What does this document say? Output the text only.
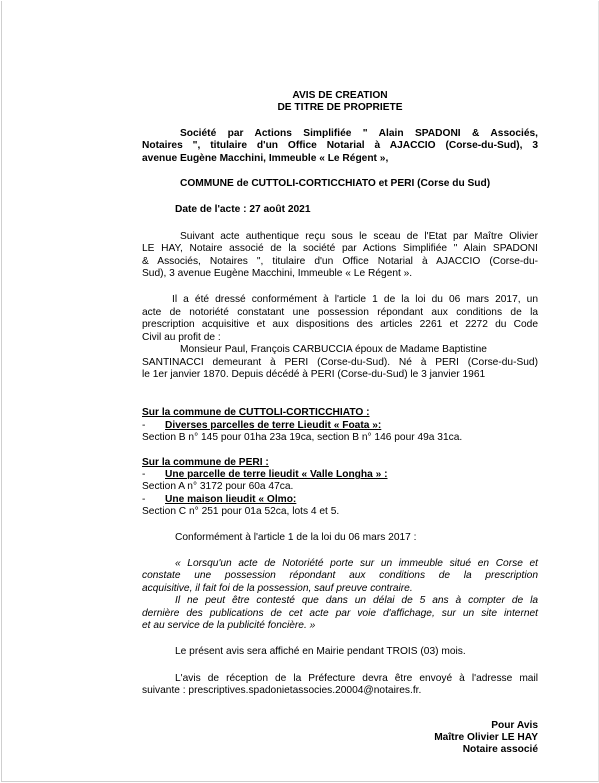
AVIS DE CREATION

DE TITRE DE PROPRIETE

Société par Actions Simplifiée " Alain SPADONI & Associés,

Notaires ", titulaire d'un Office Notarial à AJACCIO (Corse-du-Sud), 3

avenue Eugène Macchini, Immeuble « Le Régent »,

COMMUNE de CUTTOLI-CORTICCHIATO et PERI (Corse du Sud)

Date de l'acte : 27 août 2021

Suivant acte authentique reçu sous le sceau de l'Etat par Maître Olivier

LE HAY, Notaire associé de la société par Actions Simplifiée " Alain SPADONI

& Associés, Notaires ", titulaire d'un Office Notarial à AJACCIO (Corse-du-

Sud), 3 avenue Eugène Macchini, Immeuble « Le Régent ».

Il a été dressé conformément à l'article 1 de la loi du 06 mars 2017, un

acte de notoriété constatant une possession répondant aux conditions de la

prescription acquisitive et aux dispositions des articles 2261 et 2272 du Code

Civil au profit de :

Monsieur Paul, François CARBUCCIA époux de Madame Baptistine

SANTINACCI demeurant à PERI (Corse-du-Sud). Né à PERI (Corse-du-Sud)

le 1er janvier 1870. Depuis décédé à PERI (Corse-du-Sud) le 3 janvier 1961

Sur la commune de CUTTOLI-CORTICCHIATO :

- Diverses parcelles de terre Lieudit « Foata »:

Section B n° 145 pour 01ha 23a 19ca, section B n° 146 pour 49a 31ca.

Sur la commune de PERI :

- Une parcelle de terre lieudit « Valle Longha » :

Section A n° 3172 pour 60a 47ca.

- Une maison lieudit « Olmo:

Section C n° 251 pour 01a 52ca, lots 4 et 5.

Conformément à l'article 1 de la loi du 06 mars 2017 :

« Lorsqu'un acte de Notoriété porte sur un immeuble situé en Corse et

constate une possession répondant aux conditions de la prescription

acquisitive, il fait foi de la possession, sauf preuve contraire.

Il ne peut être contesté que dans un délai de 5 ans à compter de la

dernière des publications de cet acte par voie d'affichage, sur un site internet

et au service de la publicité foncière. »

Le présent avis sera affiché en Mairie pendant TROIS (03) mois.

L'avis de réception de la Préfecture devra être envoyé à l'adresse mail

suivante : prescriptives.spadonietassocies.20004@notaires.fr.

Pour Avis

Maître Olivier LE HAY

Notaire associé
